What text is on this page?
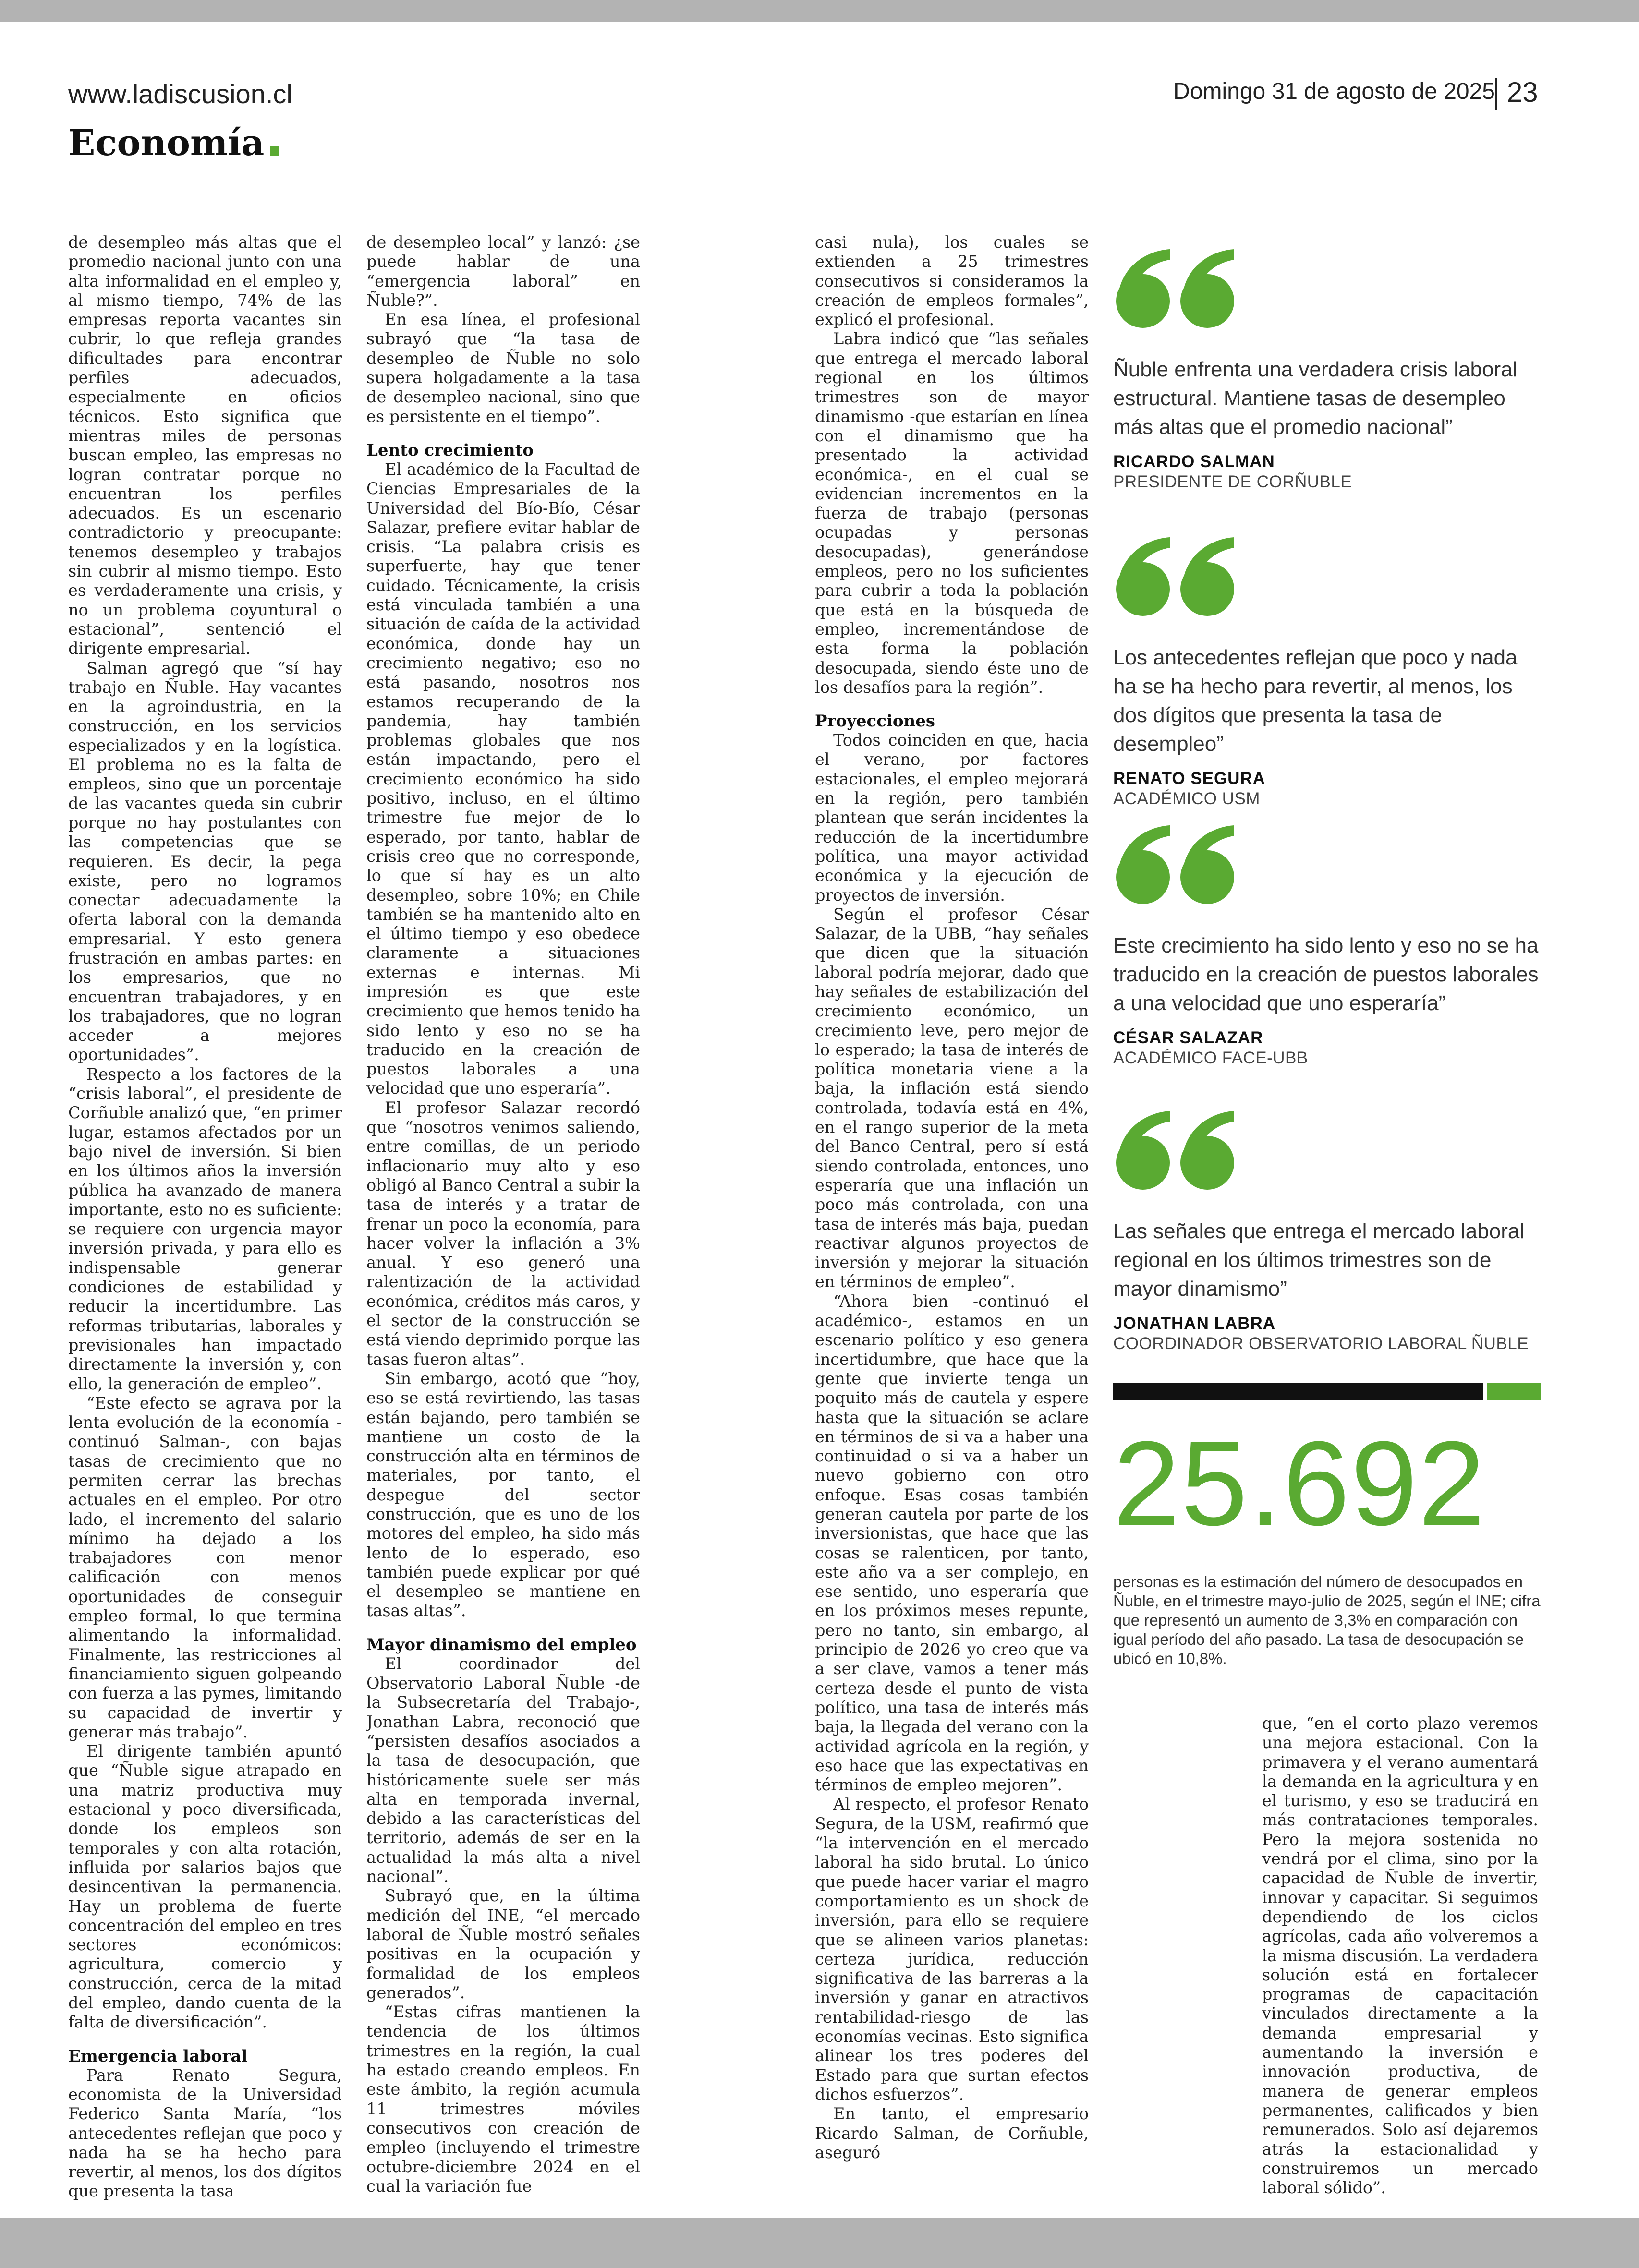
www.ladiscusion.cl	Domingo 31 de agosto de 2025 23
Economía

de desempleo más altas que el promedio nacional junto con una alta informalidad en el empleo y, al mismo tiempo, 74% de las empresas reporta vacantes sin cubrir, lo que refleja grandes dificultades para encontrar perfiles adecuados, especialmente en oficios técnicos. Esto significa que mientras miles de personas buscan empleo, las empresas no logran contratar porque no encuentran los perfiles adecuados. Es un escenario contradictorio y preocupante: tenemos desempleo y trabajos sin cubrir al mismo tiempo. Esto es verdaderamente una crisis, y no un problema coyuntural o estacional”, sentenció el dirigente empresarial.

Salman agregó que “sí hay trabajo en Ñuble. Hay vacantes en la agroindustria, en la construcción, en los servicios especializados y en la logística. El problema no es la falta de empleos, sino que un porcentaje de las vacantes queda sin cubrir porque no hay postulantes con las competencias que se requieren. Es decir, la pega existe, pero no logramos conectar adecuadamente la oferta laboral con la demanda empresarial. Y esto genera frustración en ambas partes: en los empresarios, que no encuentran trabajadores, y en los trabajadores, que no logran acceder a mejores oportunidades”.

Respecto a los factores de la “crisis laboral”, el presidente de Corñuble analizó que, “en primer lugar, estamos afectados por un bajo nivel de inversión. Si bien en los últimos años la inversión pública ha avanzado de manera importante, esto no es suficiente: se requiere con urgencia mayor inversión privada, y para ello es indispensable generar condiciones de estabilidad y reducir la incertidumbre. Las reformas tributarias, laborales y previsionales han impactado directamente la inversión y, con ello, la generación de empleo”.

“Este efecto se agrava por la lenta evolución de la economía -continuó Salman-, con bajas tasas de crecimiento que no permiten cerrar las brechas actuales en el empleo. Por otro lado, el incremento del salario mínimo ha dejado a los trabajadores con menor calificación con menos oportunidades de conseguir empleo formal, lo que termina alimentando la informalidad. Finalmente, las restricciones al financiamiento siguen golpeando con fuerza a las pymes, limitando su capacidad de invertir y generar más trabajo”.

El dirigente también apuntó que “Ñuble sigue atrapado en una matriz productiva muy estacional y poco diversificada, donde los empleos son temporales y con alta rotación, influida por salarios bajos que desincentivan la permanencia. Hay un problema de fuerte concentración del empleo en tres sectores económicos: agricultura, comercio y construcción, cerca de la mitad del empleo, dando cuenta de la falta de diversificación”.

Emergencia laboral

Para Renato Segura, economista de la Universidad Federico Santa María, “los antecedentes reflejan que poco y nada ha se ha hecho para revertir, al menos, los dos dígitos que presenta la tasa

de desempleo local” y lanzó: ¿se puede hablar de una “emergencia laboral” en Ñuble?”.

En esa línea, el profesional subrayó que “la tasa de desempleo de Ñuble no solo supera holgadamente a la tasa de desempleo nacional, sino que es persistente en el tiempo”.

Lento crecimiento

El académico de la Facultad de Ciencias Empresariales de la Universidad del Bío-Bío, César Salazar, prefiere evitar hablar de crisis. “La palabra crisis es superfuerte, hay que tener cuidado. Técnicamente, la crisis está vinculada también a una situación de caída de la actividad económica, donde hay un crecimiento negativo; eso no está pasando, nosotros nos estamos recuperando de la pandemia, hay también problemas globales que nos están impactando, pero el crecimiento económico ha sido positivo, incluso, en el último trimestre fue mejor de lo esperado, por tanto, hablar de crisis creo que no corresponde, lo que sí hay es un alto desempleo, sobre 10%; en Chile también se ha mantenido alto en el último tiempo y eso obedece claramente a situaciones externas e internas. Mi impresión es que este crecimiento que hemos tenido ha sido lento y eso no se ha traducido en la creación de puestos laborales a una velocidad que uno esperaría”.

El profesor Salazar recordó que “nosotros venimos saliendo, entre comillas, de un periodo inflacionario muy alto y eso obligó al Banco Central a subir la tasa de interés y a tratar de frenar un poco la economía, para hacer volver la inflación a 3% anual. Y eso generó una ralentización de la actividad económica, créditos más caros, y el sector de la construcción se está viendo deprimido porque las tasas fueron altas”.

Sin embargo, acotó que “hoy, eso se está revirtiendo, las tasas están bajando, pero también se mantiene un costo de la construcción alta en términos de materiales, por tanto, el despegue del sector construcción, que es uno de los motores del empleo, ha sido más lento de lo esperado, eso también puede explicar por qué el desempleo se mantiene en tasas altas”.

Mayor dinamismo del empleo

El coordinador del Observatorio Laboral Ñuble -de la Subsecretaría del Trabajo-, Jonathan Labra, reconoció que “persisten desafíos asociados a la tasa de desocupación, que históricamente suele ser más alta en temporada invernal, debido a las características del territorio, además de ser en la actualidad la más alta a nivel nacional”.

Subrayó que, en la última medición del INE, “el mercado laboral de Ñuble mostró señales positivas en la ocupación y formalidad de los empleos generados”.

“Estas cifras mantienen la tendencia de los últimos trimestres en la región, la cual ha estado creando empleos. En este ámbito, la región acumula 11 trimestres móviles consecutivos con creación de empleo (incluyendo el trimestre octubre-diciembre 2024 en el cual la variación fue

casi nula), los cuales se extienden a 25 trimestres consecutivos si consideramos la creación de empleos formales”, explicó el profesional.

Labra indicó que “las señales que entrega el mercado laboral regional en los últimos trimestres son de mayor dinamismo -que estarían en línea con el dinamismo que ha presentado la actividad económica-, en el cual se evidencian incrementos en la fuerza de trabajo (personas ocupadas y personas desocupadas), generándose empleos, pero no los suficientes para cubrir a toda la población que está en la búsqueda de empleo, incrementándose de esta forma la población desocupada, siendo éste uno de los desafíos para la región”.

Proyecciones

Todos coinciden en que, hacia el verano, por factores estacionales, el empleo mejorará en la región, pero también plantean que serán incidentes la reducción de la incertidumbre política, una mayor actividad económica y la ejecución de proyectos de inversión.

Según el profesor César Salazar, de la UBB, “hay señales que dicen que la situación laboral podría mejorar, dado que hay señales de estabilización del crecimiento económico, un crecimiento leve, pero mejor de lo esperado; la tasa de interés de política monetaria viene a la baja, la inflación está siendo controlada, todavía está en 4%, en el rango superior de la meta del Banco Central, pero sí está siendo controlada, entonces, uno esperaría que una inflación un poco más controlada, con una tasa de interés más baja, puedan reactivar algunos proyectos de inversión y mejorar la situación en términos de empleo”.

“Ahora bien -continuó el académico-, estamos en un escenario político y eso genera incertidumbre, que hace que la gente que invierte tenga un poquito más de cautela y espere hasta que la situación se aclare en términos de si va a haber una continuidad o si va a haber un nuevo gobierno con otro enfoque. Esas cosas también generan cautela por parte de los inversionistas, que hace que las cosas se ralenticen, por tanto, este año va a ser complejo, en ese sentido, uno esperaría que en los próximos meses repunte, pero no tanto, sin embargo, al principio de 2026 yo creo que va a ser clave, vamos a tener más certeza desde el punto de vista político, una tasa de interés más baja, la llegada del verano con la actividad agrícola en la región, y eso hace que las expectativas en términos de empleo mejoren”.

Al respecto, el profesor Renato Segura, de la USM, reafirmó que “la intervención en el mercado laboral ha sido brutal. Lo único que puede hacer variar el magro comportamiento es un shock de inversión, para ello se requiere que se alineen varios planetas: certeza jurídica, reducción significativa de las barreras a la inversión y ganar en atractivos rentabilidad-riesgo de las economías vecinas. Esto significa alinear los tres poderes del Estado para que surtan efectos dichos esfuerzos”.

En tanto, el empresario Ricardo Salman, de Corñuble, aseguró

Ñuble enfrenta una verdadera crisis laboral estructural. Mantiene tasas de desempleo más altas que el promedio nacional”
RICARDO SALMAN
PRESIDENTE DE CORÑUBLE
Los antecedentes reflejan que poco y nada ha se ha hecho para revertir, al menos, los dos dígitos que presenta la tasa de desempleo”
RENATO SEGURA
ACADÉMICO USM
Este crecimiento ha sido lento y eso no se ha traducido en la creación de puestos laborales a una velocidad que uno esperaría”
CÉSAR SALAZAR
ACADÉMICO FACE-UBB
Las señales que entrega el mercado laboral regional en los últimos trimestres son de mayor dinamismo”
JONATHAN LABRA
COORDINADOR OBSERVATORIO LABORAL ÑUBLE
25.692
personas es la estimación del número de desocupados en Ñuble, en el trimestre mayo-julio de 2025, según el INE; cifra que representó un aumento de 3,3% en comparación con igual período del año pasado. La tasa de desocupación se ubicó en 10,8%.

que, “en el corto plazo veremos una mejora estacional. Con la primavera y el verano aumentará la demanda en la agricultura y en el turismo, y eso se traducirá en más contrataciones temporales. Pero la mejora sostenida no vendrá por el clima, sino por la capacidad de Ñuble de invertir, innovar y capacitar. Si seguimos dependiendo de los ciclos agrícolas, cada año volveremos a la misma discusión. La verdadera solución está en fortalecer programas de capacitación vinculados directamente a la demanda empresarial y aumentando la inversión e innovación productiva, de manera de generar empleos permanentes, calificados y bien remunerados. Solo así dejaremos atrás la estacionalidad y construiremos un mercado laboral sólido”.
